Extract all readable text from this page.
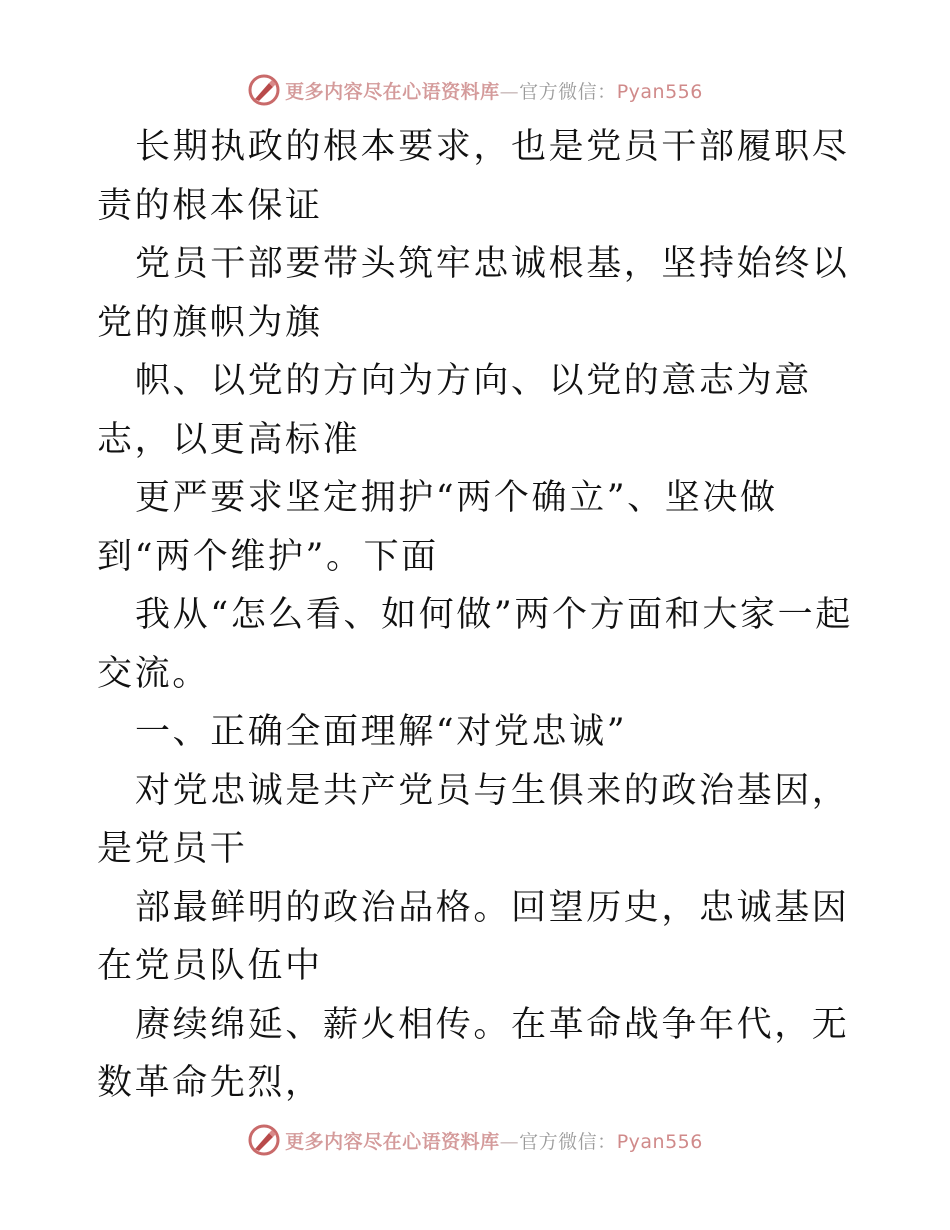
更多内容尽在心语资料库—官方微信：Pyan556

长期执政的根本要求，也是党员干部履职尽责的根本保证

党员干部要带头筑牢忠诚根基，坚持始终以党的旗帜为旗

帜、以党的方向为方向、以党的意志为意志，以更高标准

更严要求坚定拥护“两个确立”、坚决做到“两个维护”。下面

我从“怎么看、如何做”两个方面和大家一起交流。

一、正确全面理解“对党忠诚”

对党忠诚是共产党员与生俱来的政治基因，是党员干

部最鲜明的政治品格。回望历史，忠诚基因在党员队伍中

赓续绵延、薪火相传。在革命战争年代，无数革命先烈，

更多内容尽在心语资料库—官方微信：Pyan556
